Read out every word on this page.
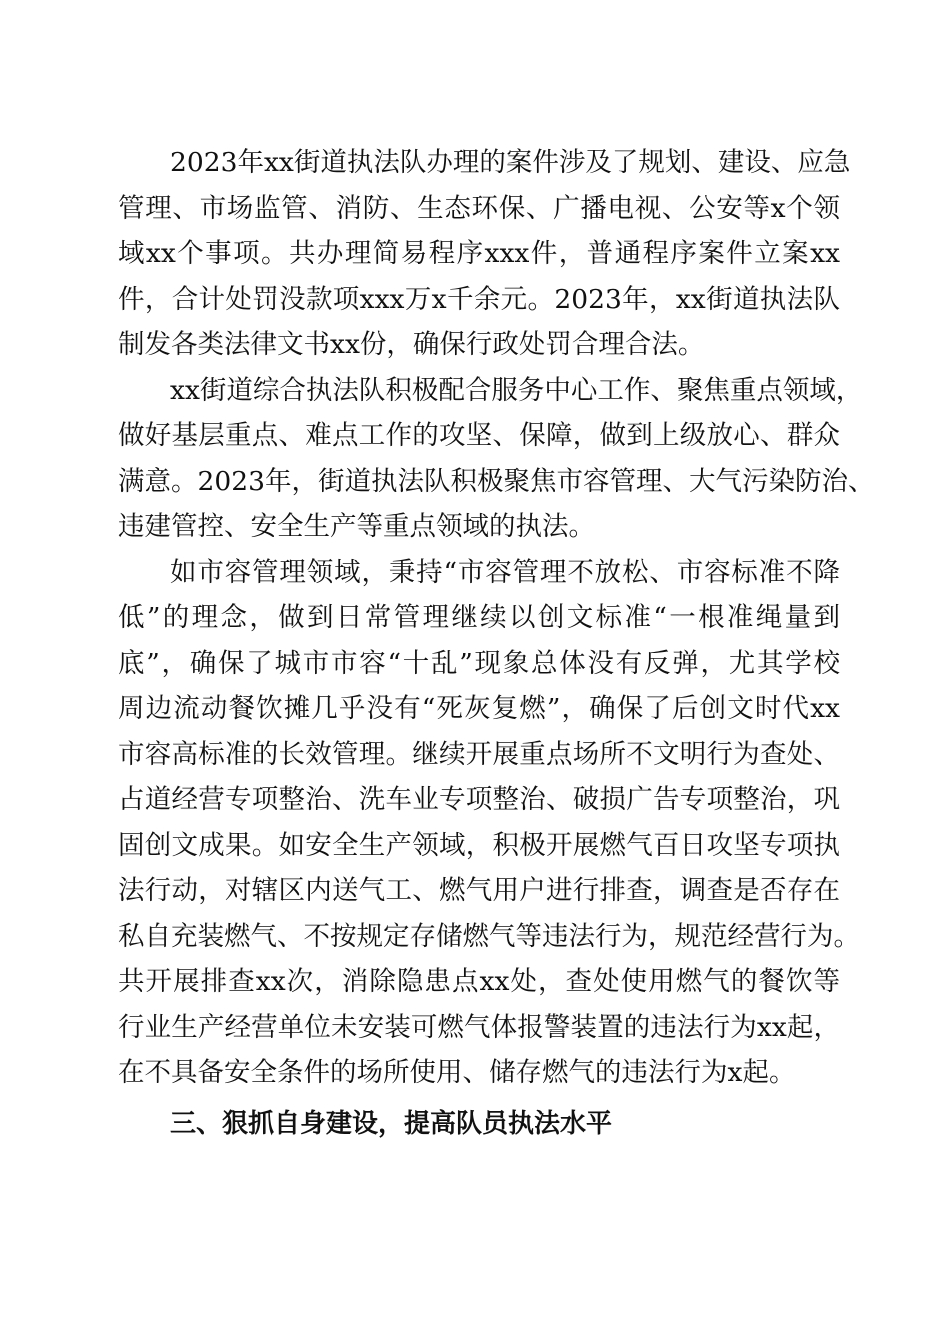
2023年xx街道执法队办理的案件涉及了规划、建设、应急
管理、市场监管、消防、生态环保、广播电视、公安等x个领
域xx个事项。共办理简易程序xxx件，普通程序案件立案xx
件，合计处罚没款项xxx万x千余元。2023年，xx街道执法队
制发各类法律文书xx份，确保行政处罚合理合法。
xx街道综合执法队积极配合服务中心工作、聚焦重点领域，
做好基层重点、难点工作的攻坚、保障，做到上级放心、群众
满意。2023年，街道执法队积极聚焦市容管理、大气污染防治、
违建管控、安全生产等重点领域的执法。
如市容管理领域，秉持“市容管理不放松、市容标准不降
低”的理念，做到日常管理继续以创文标准“一根准绳量到
底”，确保了城市市容“十乱”现象总体没有反弹，尤其学校
周边流动餐饮摊几乎没有“死灰复燃”，确保了后创文时代xx
市容高标准的长效管理。继续开展重点场所不文明行为查处、
占道经营专项整治、洗车业专项整治、破损广告专项整治，巩
固创文成果。如安全生产领域，积极开展燃气百日攻坚专项执
法行动，对辖区内送气工、燃气用户进行排查，调查是否存在
私自充装燃气、不按规定存储燃气等违法行为，规范经营行为。
共开展排查xx次，消除隐患点xx处，查处使用燃气的餐饮等
行业生产经营单位未安装可燃气体报警装置的违法行为xx起，
在不具备安全条件的场所使用、储存燃气的违法行为x起。
三、狠抓自身建设，提高队员执法水平
